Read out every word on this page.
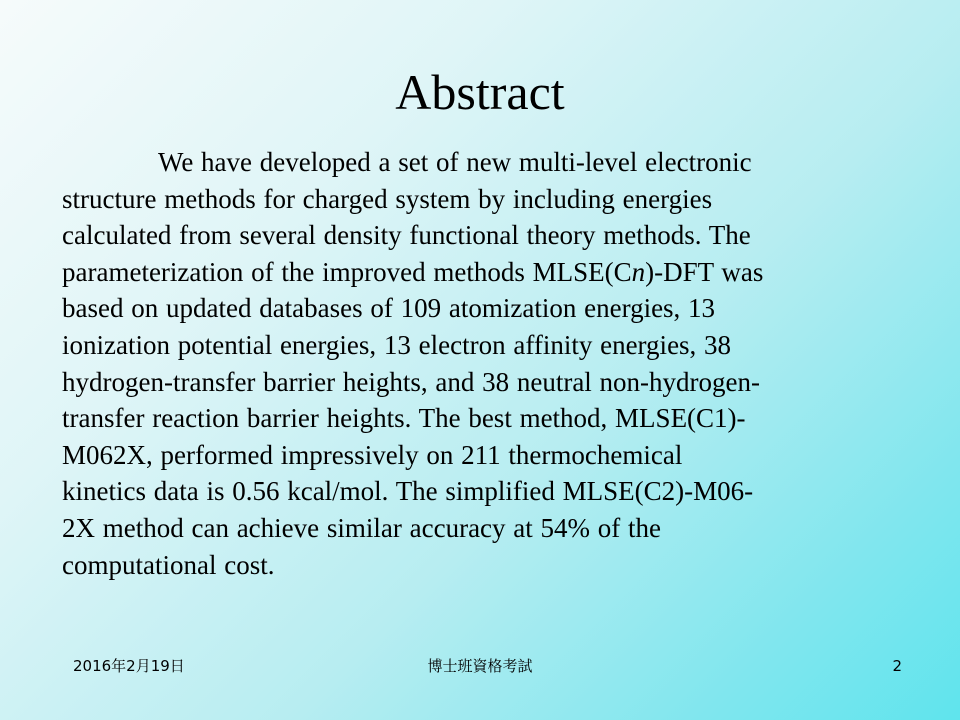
Abstract
We have developed a set of new multi-level electronic
structure methods for charged system by including energies
calculated from several density functional theory methods. The
parameterization of the improved methods MLSE(Cn)-DFT was
based on updated databases of 109 atomization energies, 13
ionization potential energies, 13 electron affinity energies, 38
hydrogen-transfer barrier heights, and 38 neutral non-hydrogen-
transfer reaction barrier heights. The best method, MLSE(C1)-
M062X, performed impressively on 211 thermochemical
kinetics data is 0.56 kcal/mol. The simplified MLSE(C2)-M06-
2X method can achieve similar accuracy at 54% of the
computational cost.
2016年2月19日	博士班資格考試	2
